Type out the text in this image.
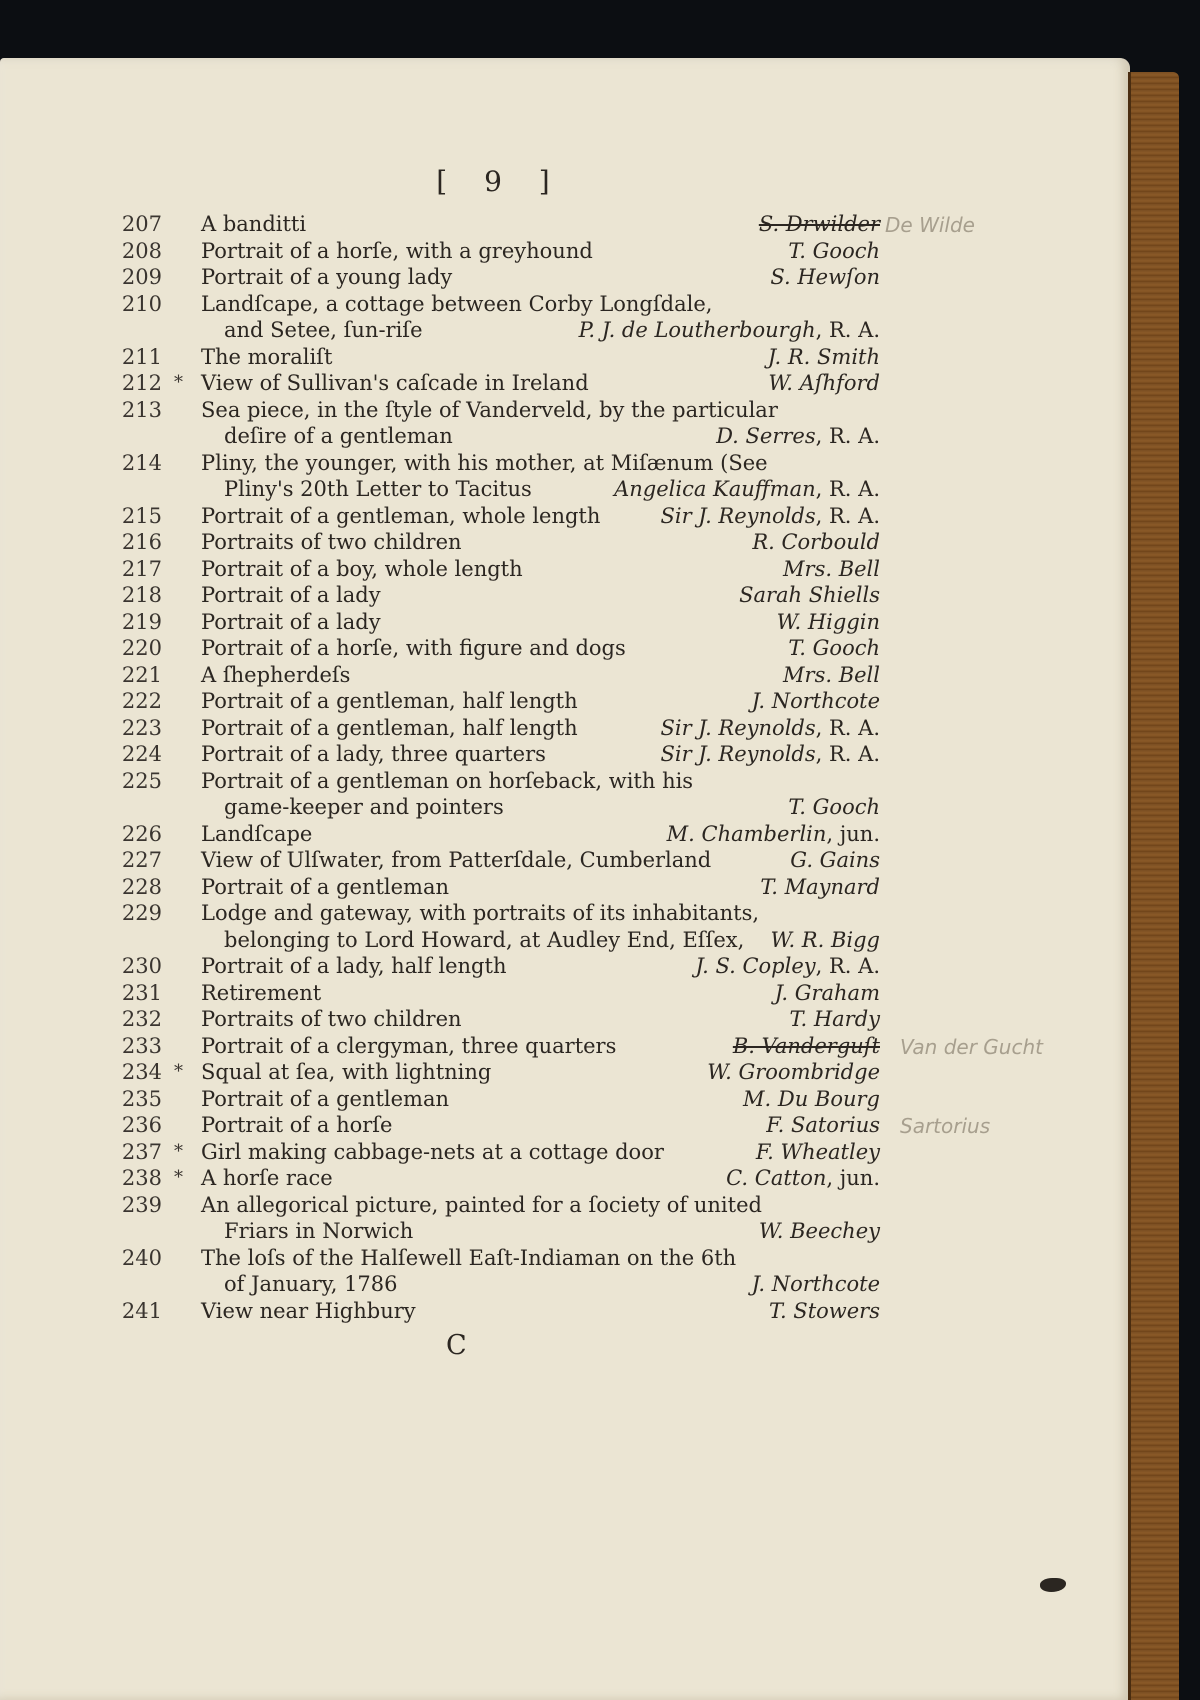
[ 9 ]
207 A banditti	S. Drwilder
208 Portrait of a horſe, with a greyhound	T. Gooch
209 Portrait of a young lady	S. Hewſon
210 Landſcape, a cottage between Corby Longſdale,
and Setee, ſun-riſe	P. J. de Loutherbourgh, R. A.
211 The moraliſt	J. R. Smith
212 * View of Sullivan's caſcade in Ireland	W. Aſhford
213 Sea piece, in the ſtyle of Vanderveld, by the particular
deſire of a gentleman	D. Serres, R. A.
214 Pliny, the younger, with his mother, at Miſænum (See
Pliny's 20th Letter to Tacitus	Angelica Kauffman, R. A.
215 Portrait of a gentleman, whole length	Sir J. Reynolds, R. A.
216 Portraits of two children	R. Corbould
217 Portrait of a boy, whole length	Mrs. Bell
218 Portrait of a lady	Sarah Shiells
219 Portrait of a lady	W. Higgin
220 Portrait of a horſe, with figure and dogs	T. Gooch
221 A ſhepherdeſs	Mrs. Bell
222 Portrait of a gentleman, half length	J. Northcote
223 Portrait of a gentleman, half length	Sir J. Reynolds, R. A.
224 Portrait of a lady, three quarters	Sir J. Reynolds, R. A.
225 Portrait of a gentleman on horſeback, with his
game-keeper and pointers	T. Gooch
226 Landſcape	M. Chamberlin, jun.
227 View of Ulſwater, from Patterſdale, Cumberland	G. Gains
228 Portrait of a gentleman	T. Maynard
229 Lodge and gateway, with portraits of its inhabitants,
belonging to Lord Howard, at Audley End, Eſſex, W. R. Bigg
230 Portrait of a lady, half length	J. S. Copley, R. A.
231 Retirement	J. Graham
232 Portraits of two children	T. Hardy
233 Portrait of a clergyman, three quarters	B. Vanderguſt
234 * Squal at ſea, with lightning	W. Groombridge
235 Portrait of a gentleman	M. Du Bourg
236 Portrait of a horſe	F. Satorius
237 * Girl making cabbage-nets at a cottage door	F. Wheatley
238 * A horſe race	C. Catton, jun.
239 An allegorical picture, painted for a ſociety of united
Friars in Norwich	W. Beechey
240 The loſs of the Halſewell Eaſt-Indiaman on the 6th
of January, 1786	J. Northcote
241 View near Highbury	T. Stowers
De Wilde
Van der Gucht
Sartorius
C
